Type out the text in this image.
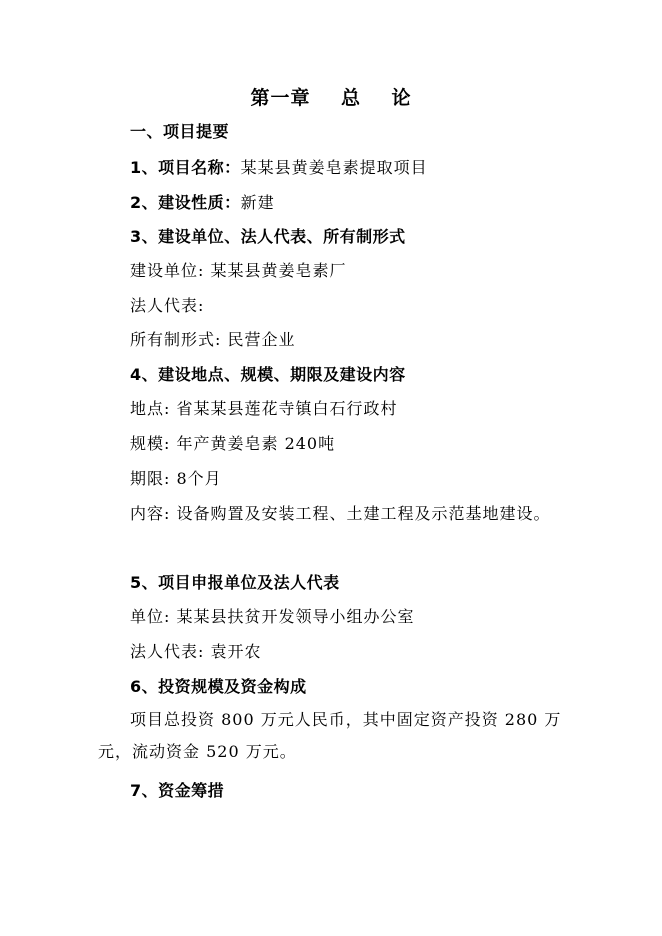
第一章    总    论
一、项目提要
1、项目名称：某某县黄姜皂素提取项目
2、建设性质：新建
3、建设单位、法人代表、所有制形式
建设单位: 某某县黄姜皂素厂
法人代表:
所有制形式: 民营企业
4、建设地点、规模、期限及建设内容
地点: 省某某县莲花寺镇白石行政村
规模: 年产黄姜皂素 240吨
期限: 8个月
内容: 设备购置及安装工程、土建工程及示范基地建设。
5、项目申报单位及法人代表
单位: 某某县扶贫开发领导小组办公室
法人代表: 袁开农
6、投资规模及资金构成
项目总投资 800 万元人民币，其中固定资产投资 280 万元，流动资金 520 万元。
7、资金筹措
